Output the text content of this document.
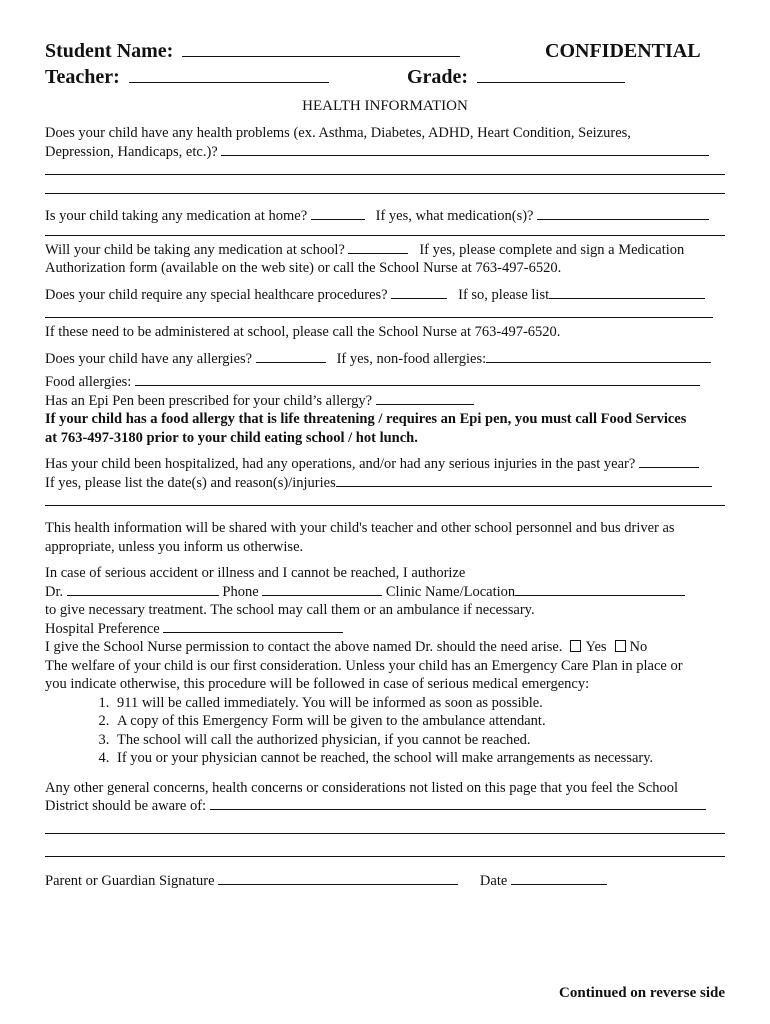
Student Name:	CONFIDENTIAL
Teacher:	Grade:
HEALTH INFORMATION

Does your child have any health problems (ex. Asthma, Diabetes, ADHD, Heart Condition, Seizures,

Depression, Handicaps, etc.)?

Is your child taking any medication at home?	If yes, what medication(s)?

Will your child be taking any medication at school?	If yes, please complete and sign a Medication

Authorization form (available on the web site) or call the School Nurse at 763-497-6520.

Does your child require any special healthcare procedures?	If so, please list

If these need to be administered at school, please call the School Nurse at 763-497-6520.

Does your child have any allergies?	If yes, non-food allergies:

Food allergies:

Has an Epi Pen been prescribed for your child’s allergy?

If your child has a food allergy that is life threatening / requires an Epi pen, you must call Food Services

at 763-497-3180 prior to your child eating school / hot lunch.

Has your child been hospitalized, had any operations, and/or had any serious injuries in the past year?

If yes, please list the date(s) and reason(s)/injuries

This health information will be shared with your child's teacher and other school personnel and bus driver as

appropriate, unless you inform us otherwise.

In case of serious accident or illness and I cannot be reached, I authorize

Dr.	Phone	Clinic Name/Location

to give necessary treatment. The school may call them or an ambulance if necessary.

Hospital Preference

I give the School Nurse permission to contact the above named Dr. should the need arise. Yes No

The welfare of your child is our first consideration. Unless your child has an Emergency Care Plan in place or

you indicate otherwise, this procedure will be followed in case of serious medical emergency:

1. 911 will be called immediately. You will be informed as soon as possible.
2. A copy of this Emergency Form will be given to the ambulance attendant.
3. The school will call the authorized physician, if you cannot be reached.
4. If you or your physician cannot be reached, the school will make arrangements as necessary.

Any other general concerns, health concerns or considerations not listed on this page that you feel the School

District should be aware of:

Parent or Guardian Signature	Date

Continued on reverse side
